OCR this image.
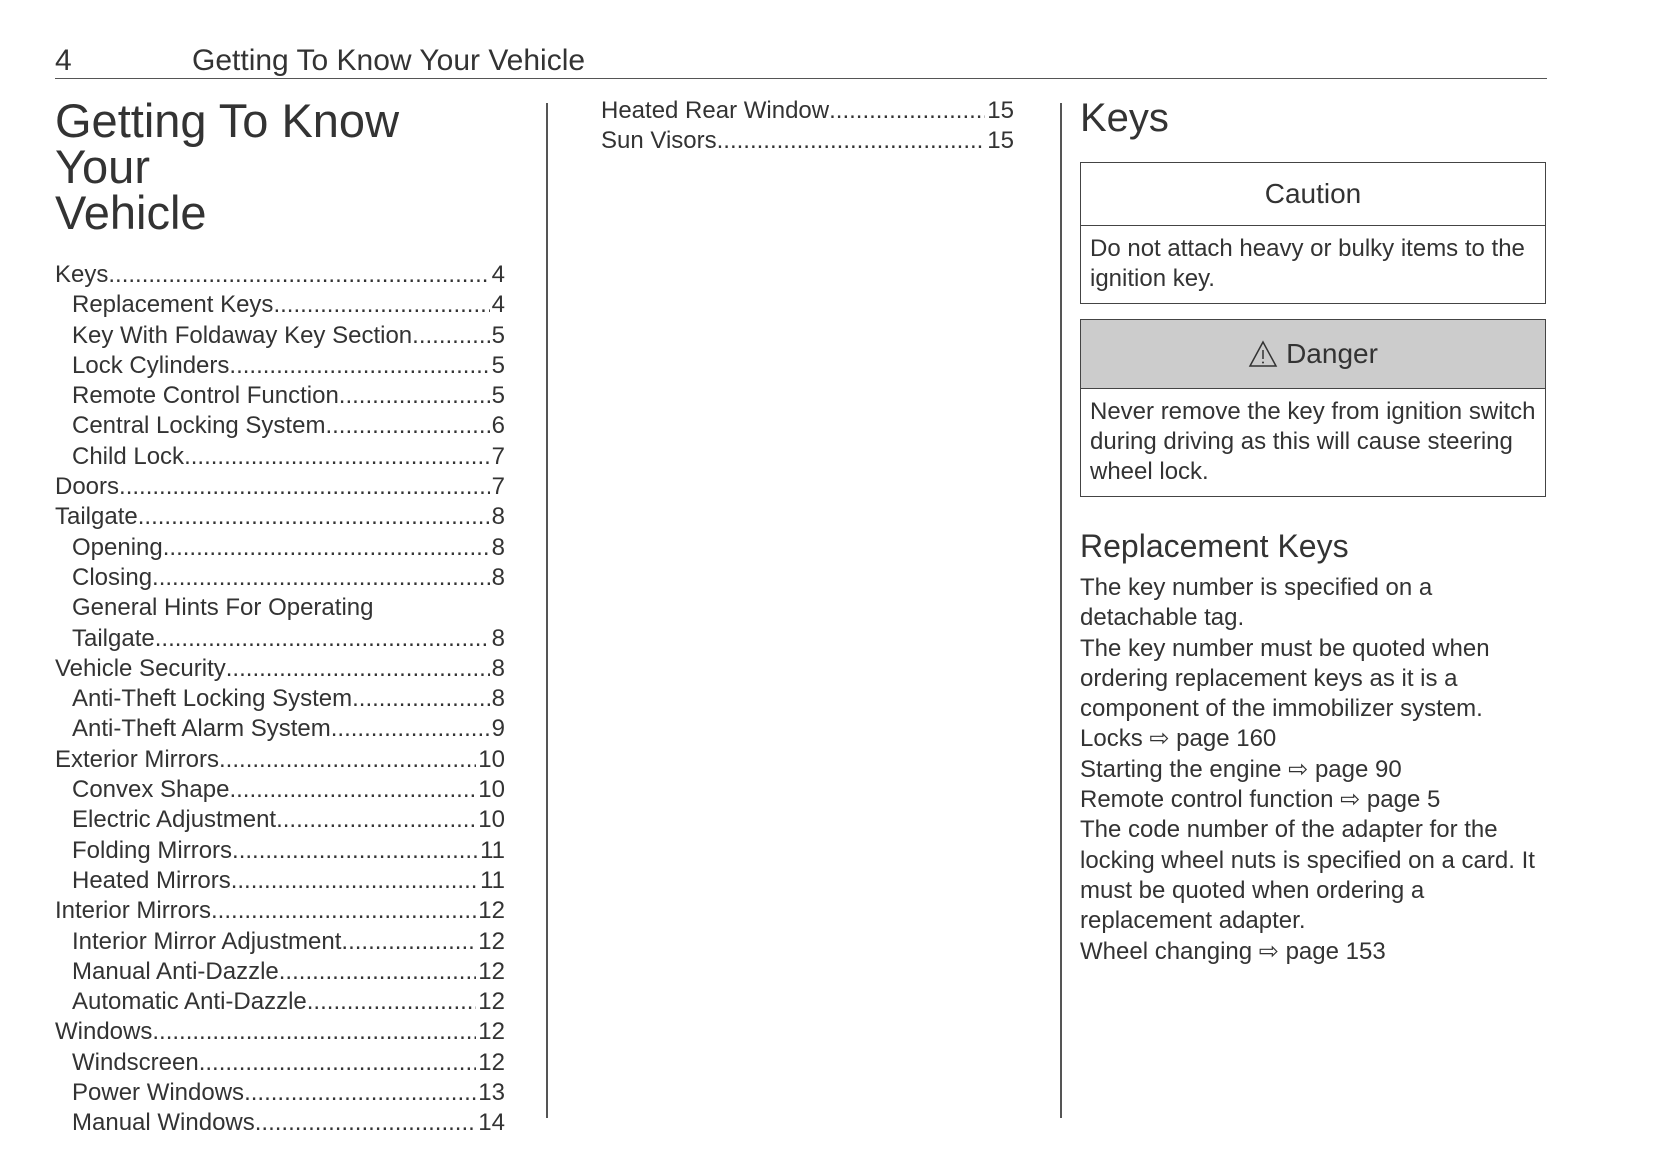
4	Getting To Know Your Vehicle
Getting To Know Your
Vehicle
Keys .....	4
Replacement Keys .....	4
Key With Foldaway Key Section .....	5
Lock Cylinders .....	5
Remote Control Function .....	5
Central Locking System .....	6
Child Lock .....	7
Doors .....	7
Tailgate .....	8
Opening .....	8
Closing .....	8
General Hints For Operating
Tailgate .....	8
Vehicle Security .....	8
Anti-Theft Locking System .....	8
Anti-Theft Alarm System .....	9
Exterior Mirrors .....	10
Convex Shape .....	10
Electric Adjustment .....	10
Folding Mirrors .....	11
Heated Mirrors .....	11
Interior Mirrors .....	12
Interior Mirror Adjustment .....	12
Manual Anti-Dazzle .....	12
Automatic Anti-Dazzle .....	12
Windows .....	12
Windscreen .....	12
Power Windows .....	13
Manual Windows .....	14
Heated Rear Window .....	15
Sun Visors .....	15
Keys
Caution
Do not attach heavy or bulky items to the ignition key.
Danger
Never remove the key from ignition switch during driving as this will cause steering wheel lock.
Replacement Keys

The key number is specified on a detachable tag.

The key number must be quoted when ordering replacement keys as it is a component of the immobilizer system.

Locks ⇨ page 160

Starting the engine ⇨ page 90

Remote control function ⇨ page 5

The code number of the adapter for the locking wheel nuts is specified on a card. It must be quoted when ordering a replacement adapter.

Wheel changing ⇨ page 153
